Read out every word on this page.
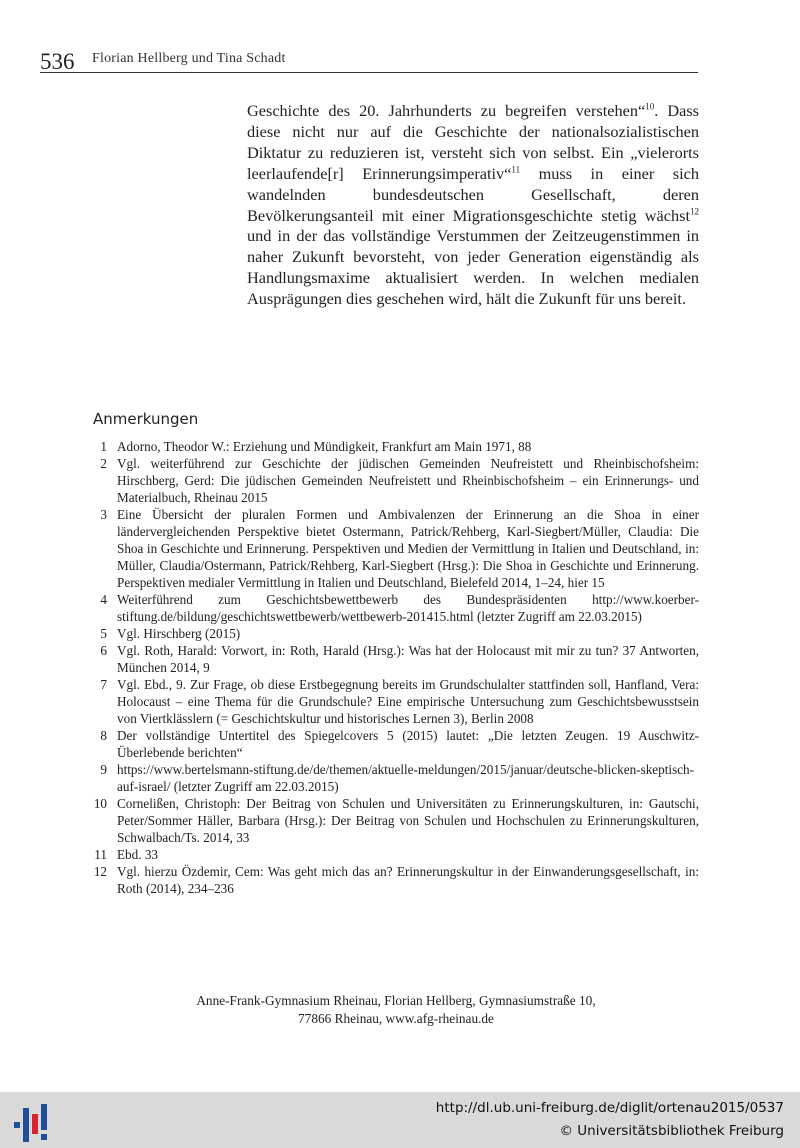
536 Florian Hellberg und Tina Schadt
Geschichte des 20. Jahrhunderts zu begreifen verstehen“$^{10}$. Dass diese nicht nur auf die Geschichte der nationalsozialistischen Diktatur zu reduzieren ist, versteht sich von selbst. Ein „vielerorts leerlaufende[r] Erinnerungsimperativ“$^{11}$ muss in einer sich wandelnden bundesdeutschen Gesellschaft, deren Bevölkerungsanteil mit einer Migrationsgeschichte stetig wächst$^{12}$ und in der das vollständige Verstummen der Zeitzeugenstimmen in naher Zukunft bevorsteht, von jeder Generation eigenständig als Handlungsmaxime aktualisiert werden. In welchen medialen Ausprägungen dies geschehen wird, hält die Zukunft für uns bereit.
Anmerkungen
1 Adorno, Theodor W.: Erziehung und Mündigkeit, Frankfurt am Main 1971, 88
2 Vgl. weiterführend zur Geschichte der jüdischen Gemeinden Neufreistett und Rheinbischofsheim: Hirschberg, Gerd: Die jüdischen Gemeinden Neufreistett und Rheinbischofsheim – ein Erinnerungs- und Materialbuch, Rheinau 2015
3 Eine Übersicht der pluralen Formen und Ambivalenzen der Erinnerung an die Shoa in einer ländervergleichenden Perspektive bietet Ostermann, Patrick/Rehberg, Karl-Siegbert/Müller, Claudia: Die Shoa in Geschichte und Erinnerung. Perspektiven und Medien der Vermittlung in Italien und Deutschland, in: Müller, Claudia/Ostermann, Patrick/Rehberg, Karl-Siegbert (Hrsg.): Die Shoa in Geschichte und Erinnerung. Perspektiven medialer Vermittlung in Italien und Deutschland, Bielefeld 2014, 1–24, hier 15
4 Weiterführend zum Geschichtsbewettbewerb des Bundespräsidenten http://www.koerber-stiftung.de/bildung/geschichtswettbewerb/wettbewerb-201415.html (letzter Zugriff am 22.03.2015)
5 Vgl. Hirschberg (2015)
6 Vgl. Roth, Harald: Vorwort, in: Roth, Harald (Hrsg.): Was hat der Holocaust mit mir zu tun? 37 Antworten, München 2014, 9
7 Vgl. Ebd., 9. Zur Frage, ob diese Erstbegegnung bereits im Grundschulalter stattfinden soll, Hanfland, Vera: Holocaust – eine Thema für die Grundschule? Eine empirische Untersuchung zum Geschichtsbewusstsein von Viertklässlern (= Geschichtskultur und historisches Lernen 3), Berlin 2008
8 Der vollständige Untertitel des Spiegelcovers 5 (2015) lautet: „Die letzten Zeugen. 19 Auschwitz-Überlebende berichten“
9 https://www.bertelsmann-stiftung.de/de/themen/aktuelle-meldungen/2015/januar/deutsche-blicken-skeptisch-auf-israel/ (letzter Zugriff am 22.03.2015)
10 Cornelißen, Christoph: Der Beitrag von Schulen und Universitäten zu Erinnerungskulturen, in: Gautschi, Peter/Sommer Häller, Barbara (Hrsg.): Der Beitrag von Schulen und Hochschulen zu Erinnerungskulturen, Schwalbach/Ts. 2014, 33
11 Ebd. 33
12 Vgl. hierzu Özdemir, Cem: Was geht mich das an? Erinnerungskultur in der Einwanderungsgesellschaft, in: Roth (2014), 234–236
Anne-Frank-Gymnasium Rheinau, Florian Hellberg, Gymnasiumstraße 10,
77866 Rheinau, www.afg-rheinau.de
http://dl.ub.uni-freiburg.de/diglit/ortenau2015/0537
© Universitätsbibliothek Freiburg
